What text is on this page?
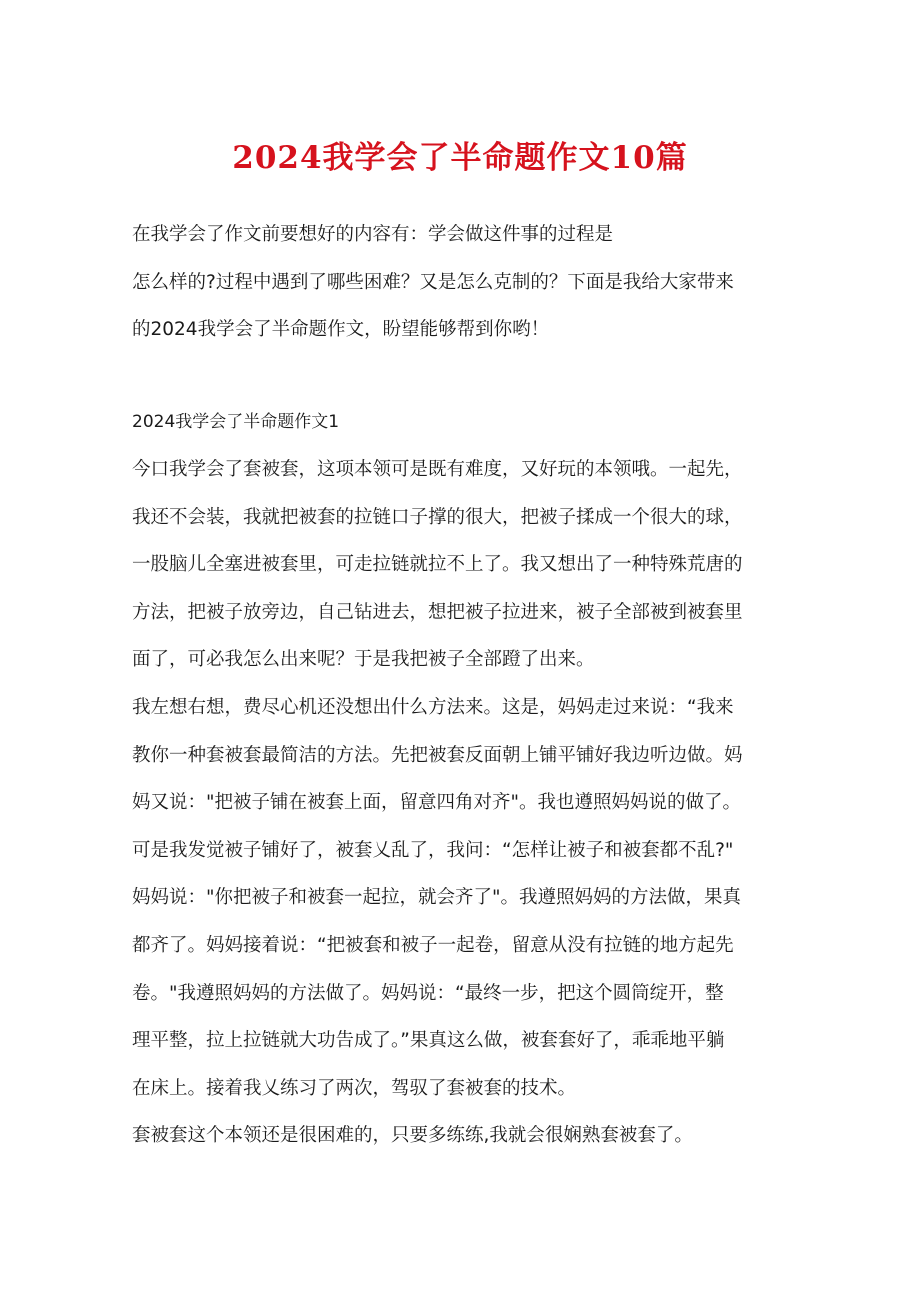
2024我学会了半命题作文10篇
在我学会了作文前要想好的内容有：学会做这件事的过程是
怎么样的?过程中遇到了哪些困难？又是怎么克制的？下面是我给大家带来
的2024我学会了半命题作文，盼望能够帮到你哟！
2024我学会了半命题作文1
今口我学会了套被套，这项本领可是既有难度，又好玩的本领哦。一起先，
我还不会装，我就把被套的拉链口子撑的很大，把被子揉成一个很大的球，
一股脑儿全塞进被套里，可走拉链就拉不上了。我又想出了一种特殊荒唐的
方法，把被子放旁边，自己钻进去，想把被子拉进来，被子全部被到被套里
面了，可必我怎么出来呢？于是我把被子全部蹬了出来。
我左想右想，费尽心机还没想出什么方法来。这是，妈妈走过来说：“我来
教你一种套被套最简洁的方法。先把被套反面朝上铺平铺好我边听边做。妈
妈又说："把被子铺在被套上面，留意四角对齐"。我也遵照妈妈说的做了。
可是我发觉被子铺好了，被套乂乱了，我问：“怎样让被子和被套都不乱?"
妈妈说："你把被子和被套一起拉，就会齐了"。我遵照妈妈的方法做，果真
都齐了。妈妈接着说：“把被套和被子一起卷，留意从没有拉链的地方起先
卷。"我遵照妈妈的方法做了。妈妈说：“最终一步，把这个圆筒绽开，整
理平整，拉上拉链就大功告成了。”果真这么做，被套套好了，乖乖地平躺
在床上。接着我乂练习了两次，驾驭了套被套的技术。
套被套这个本领还是很困难的，只要多练练,我就会很娴熟套被套了。
